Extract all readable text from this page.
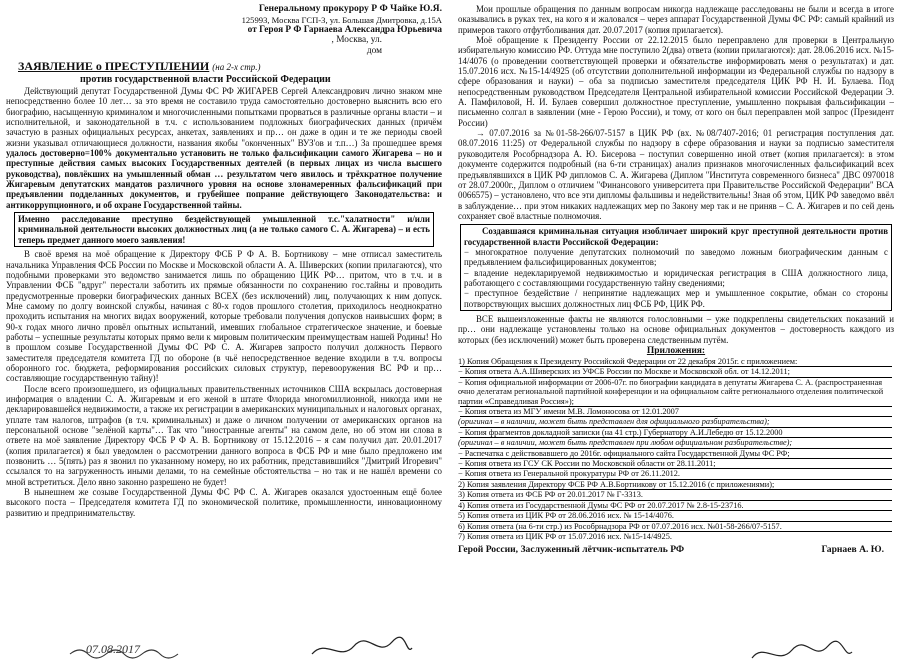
Генеральному прокурору Р Ф Чайке Ю.Я.

125993, Москва ГСП-3, ул. Большая Дмитровка, д.15А

от Героя Р Ф Гарнаева Александра Юрьевича

, Москва, ул.

дом

ЗАЯВЛЕНИЕ о ПРЕСТУПЛЕНИИ (на 2-х стр.)

против государственной власти Российской Федерации

Действующий депутат Государственной Думы ФС РФ ЖИГАРЕВ Сергей Александрович лично знаком мне непосредственно более 10 лет… за это время не составило труда самостоятельно достоверно выяснить всю его биографию, насыщенную криминалом и многочисленными попытками прорваться в различные органы власти – и исполнительной, и законодательной в т.ч. с использованием подложных биографических данных (причём зачастую в разных официальных ресурсах, анкетах, заявлениях и пр… он даже в один и те же периоды своей жизни указывал отличающиеся должности, названия якобы "оконченных" ВУЗ'ов и т.п…) За прошедшее время удалось достоверно=100% документально установить не только фальсификации самого Жигарева – но и преступные действия самых высоких Государственных деятелей (в первых лицах из числа высшего руководства), повлёкших на умышленный обман … результатом чего явилось и трёхкратное получение Жигаревым депутатских мандатов различного уровня на основе злонамеренных фальсификаций при предъявлении подделанных документов, и грубейшее попрание действующего Законодательства: и антикоррупционного, и об охране Государственной тайны.

Именно расследование преступно бездействующей умышленной т.с."халатности" и/или криминальной деятельности высоких должностных лиц (а не только самого С. А. Жигарева) – и есть теперь предмет данного моего заявления!

В своё время на моё обращение к Директору ФСБ Р Ф А. В. Бортникову – мне отписал заместитель начальника Управления ФСБ России по Москве и Московской области А. А. Шиверских (копии прилагаются), что подобными проверками это ведомство занимается лишь по обращению ЦИК РФ… притом, что в т.ч. и в Управлении ФСБ "вдруг" перестали заботить их прямые обязанности по сохранению гос.тайны и проводить предусмотренные проверки биографических данных ВСЕХ (без исключений) лиц, получающих к ним допуск. Мне самому по долгу воинской службы, начиная с 80-х годов прошлого столетия, приходилось неоднократно проходить испытания на многих видах вооружений, которые требовали получения допусков наивысших форм; в 90-х годах много лично провёл опытных испытаний, имевших глобальное стратегическое значение, и боевые работы – успешные результаты которых прямо вели к мировым политическим преимуществам нашей Родины! Но в прошлом созыве Государственной Думы ФС РФ С. А. Жигарев запросто получил должность Первого заместителя председателя комитета ГД по обороне (в чьё непосредственное ведение входили в т.ч. вопросы оборонного гос. бюджета, реформирования российских силовых структур, перевооружения ВС РФ и пр… составляющие государственную тайну)!

После всего произошедшего, из официальных правительственных источников США вскрылась достоверная информация о владении С. А. Жигаревым и его женой в штате Флорида многомиллионной, никогда ими не декларировавшейся недвижимости, а также их регистрации в американских муниципальных и налоговых органах, уплате там налогов, штрафов (в т.ч. криминальных) и даже о личном получении от американских органов на персональной основе "зелёной карты"… Так что "иностранные агенты" на самом деле, но об этом ни слова в ответе на моё заявление Директору ФСБ Р Ф А. В. Бортникову от 15.12.2016 – я сам получил дат. 20.01.2017 (копия прилагается) я был уведомлен о рассмотрении данного вопроса в ФСБ РФ и мне было предложено им позвонить … 5(пять) раз я звонил по указанному номеру, но их работник, представившийся "Дмитрий Игоревич" ссылался то на загруженность иными делами, то на семейные обстоятельства – но так и не нашёл времени со мной встретиться. Дело явно законно разрешено не будет!

В нынешнем же созыве Государственной Думы ФС РФ С. А. Жигарев оказался удостоенным ещё более высокого поста – Председателя комитета ГД по экономической политике, промышленности, инновационному развитию и предпринимательству.

07.08.2017

Мои прошлые обращения по данным вопросам никогда надлежаще расследованы не были и всегда в итоге оказывались в руках тех, на кого я и жаловался – через аппарат Государственной Думы ФС РФ: самый крайний из примеров такого отфутболивания дат. 20.07.2017 (копия прилагается).

Моё обращение к Президенту России от 22.12.2015 было переправлено для проверки в Центральную избирательную комиссию РФ. Оттуда мне поступило 2(два) ответа (копии прилагаются): дат. 28.06.2016 исх. №15-14/4076 (о проведении соответствующей проверки и обязательстве информировать меня о результатах) и дат. 15.07.2016 исх. №15-14/4925 (об отсутствии дополнительной информации из Федеральной службы по надзору в сфере образования и науки) – оба за подписью заместителя председателя ЦИК РФ Н. И. Булаева. Под непосредственным руководством Председателя Центральной избирательной комиссии Российской Федерации Э. А. Памфиловой, Н. И. Булаев совершил должностное преступление, умышленно покрывая фальсификации – письменно солгал в заявлении (мне - Герою России), и тому, от кого он был переправлен мой запрос (Президент России)

→ 07.07.2016 за №01-58-266/07-5157 в ЦИК РФ (вх. №08/7407-2016; 01 регистрация поступления дат. 08.07.2016 11:25) от Федеральной службы по надзору в сфере образования и науки за подписью заместителя руководителя Рособрнадзора А. Ю. Бисерова – поступил совершенно иной ответ (копия прилагается): в этом документе содержится подробный (на 6-ти страницах) анализ признаков многочисленных фальсификаций всех предъявлявшихся в ЦИК РФ дипломов С. А. Жигарева (Диплом "Института современного бизнеса" ДВС 0970018 от 28.07.2000г., Диплом о отличием "Финансового университета при Правительстве Российской Федерации" ВСА 0066575) – установлено, что все эти дипломы фальшивы и недействительны! Зная об этом, ЦИК РФ заведомо ввёл в заблуждение… при этом никаких надлежащих мер по Закону мер так и не приняв – С. А. Жигарев и по сей день сохраняет своё властные полномочия.

Создавшаяся криминальная ситуация изобличает широкий круг преступной деятельности против государственной власти Российской Федерации:

− многократное получение депутатских полномочий по заведомо ложным биографическим данным с предъявлением фальсифицированных документов;

– владение недекларируемой недвижимостью и юридическая регистрация в США должностного лица, работающего с составляющими государственную тайну сведениями;

− преступное бездействие / непринятие надлежащих мер и умышленное сокрытие, обман со стороны потворствующих высших должностных лиц ФСБ РФ, ЦИК РФ.

ВСЕ вышеизложенные факты не являются голословными – уже подкреплены свидетельских показаний и пр… они надлежаще установлены только на основе официальных документов – достоверность каждого из которых (без исключений) может быть проверена следственным путём.

Приложения:

1) Копия Обращения к Президенту Российской Федерации от 22 декабря 2015г. с приложением:

− Копия ответа А.А.Шиверских из УФСБ России по Москве и Московской обл. от 14.12.2011;

− Копия официальной информации от 2006-07г. по биографии кандидата в депутаты Жигарева С. А. (распространенная очно делегатам региональной партийной конференции и на официальном сайте регионального отделения политической партии «Справедливая Россия»);

− Копия ответа из МГУ имени М.В. Ломоносова от 12.01.2007

(оригинал – в наличии, может быть представлен для официального разбирательства);

− Копия фрагментов докладной записки (на 41 стр.) Губернатору А.И.Лебедю от 15.12.2000

(оригинал – в наличии, может быть представлен при любом официальном разбирательстве);

− Распечатка с действовавшего до 2016г. официального сайта Государственной Думы ФС РФ;

− Копия ответа из ГСУ СК России по Московской области от 28.11.2011;

− Копия ответа из Генеральной прокуратуры РФ от 26.11.2012.

2) Копия заявления Директору ФСБ РФ А.В.Бортникову от 15.12.2016 (с приложениями);

3) Копия ответа из ФСБ РФ от 20.01.2017 № Г-3313.

4) Копия ответа из Государственной Думы ФС РФ от 20.07.2017 № 2.8-15-23716.

5) Копия ответа из ЦИК РФ от 28.06.2016 исх. № 15-14/4076.

6) Копия ответа (на 6-ти стр.) из Рособрнадзора РФ от 07.07.2016 исх. №01-58-266/07-5157.

7) Копия ответа из ЦИК РФ от 15.07.2016 исх. №15-14/4925.

Герой России, Заслуженный лётчик-испытатель РФ	Гарнаев А. Ю.
